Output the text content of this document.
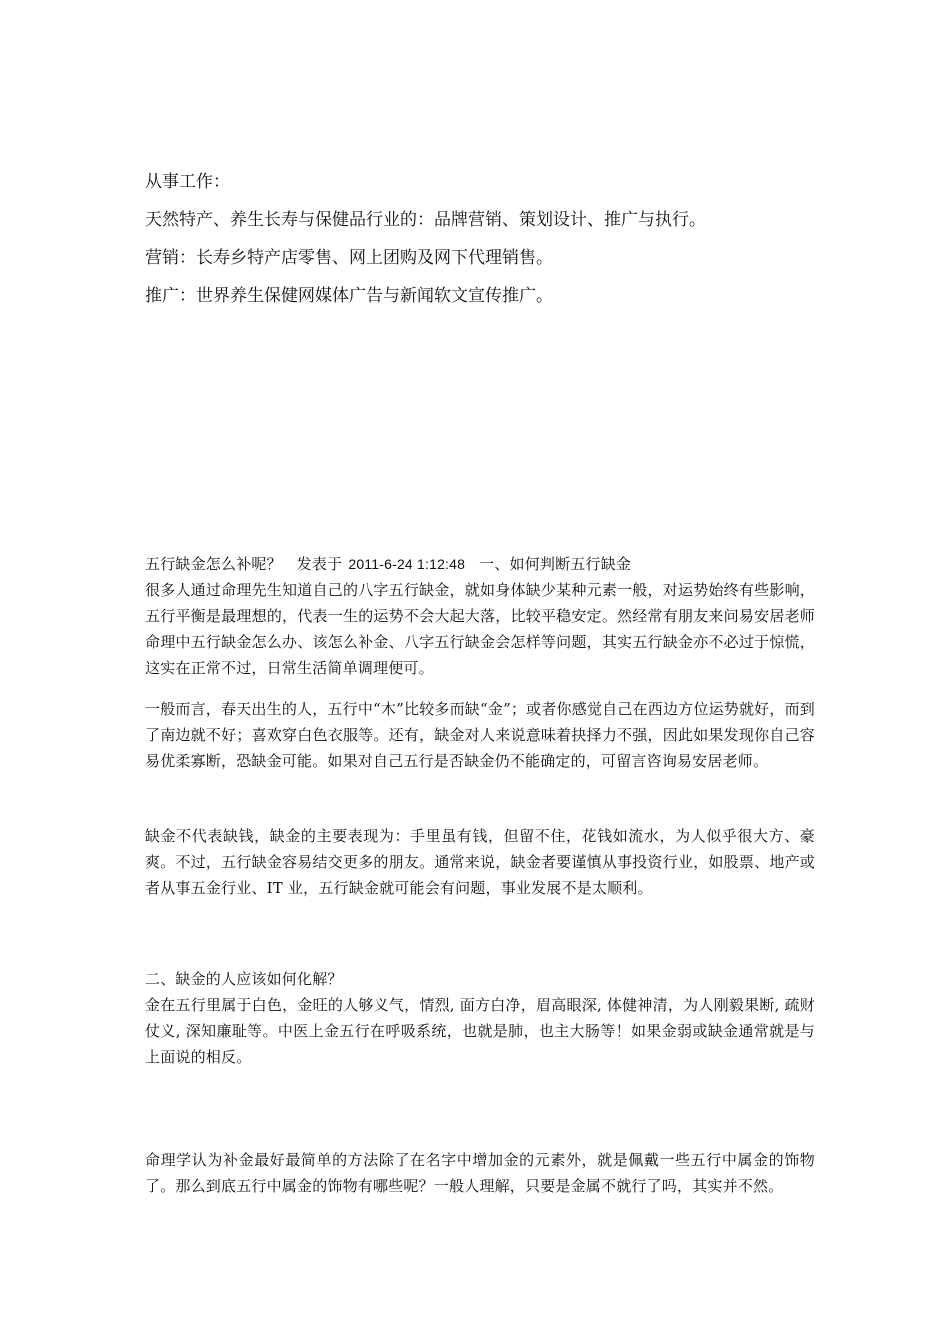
从事工作：

天然特产、养生长寿与保健品行业的：品牌营销、策划设计、推广与执行。

营销：长寿乡特产店零售、网上团购及网下代理销售。

推广：世界养生保健网媒体广告与新闻软文宣传推广。

五行缺金怎么补呢？ 发表于 2011-6-24 1:12:48 一、如何判断五行缺金

很多人通过命理先生知道自己的八字五行缺金，就如身体缺少某种元素一般，对运势始终有些影响，五行平衡是最理想的，代表一生的运势不会大起大落，比较平稳安定。然经常有朋友来问易安居老师命理中五行缺金怎么办、该怎么补金、八字五行缺金会怎样等问题，其实五行缺金亦不必过于惊慌，这实在正常不过，日常生活简单调理便可。

一般而言，春天出生的人，五行中“木”比较多而缺“金”；或者你感觉自己在西边方位运势就好，而到了南边就不好；喜欢穿白色衣服等。还有，缺金对人来说意味着抉择力不强，因此如果发现你自己容易优柔寡断，恐缺金可能。如果对自己五行是否缺金仍不能确定的，可留言咨询易安居老师。

缺金不代表缺钱，缺金的主要表现为：手里虽有钱，但留不住，花钱如流水，为人似乎很大方、豪爽。不过，五行缺金容易结交更多的朋友。通常来说，缺金者要谨慎从事投资行业，如股票、地产或者从事五金行业、IT 业，五行缺金就可能会有问题，事业发展不是太顺利。

二、缺金的人应该如何化解？

金在五行里属于白色，金旺的人够义气，情烈, 面方白净，眉高眼深, 体健神清，为人刚毅果断, 疏财仗义, 深知廉耻等。中医上金五行在呼吸系统，也就是肺，也主大肠等！如果金弱或缺金通常就是与上面说的相反。

命理学认为补金最好最简单的方法除了在名字中增加金的元素外，就是佩戴一些五行中属金的饰物了。那么到底五行中属金的饰物有哪些呢？一般人理解，只要是金属不就行了吗，其实并不然。
